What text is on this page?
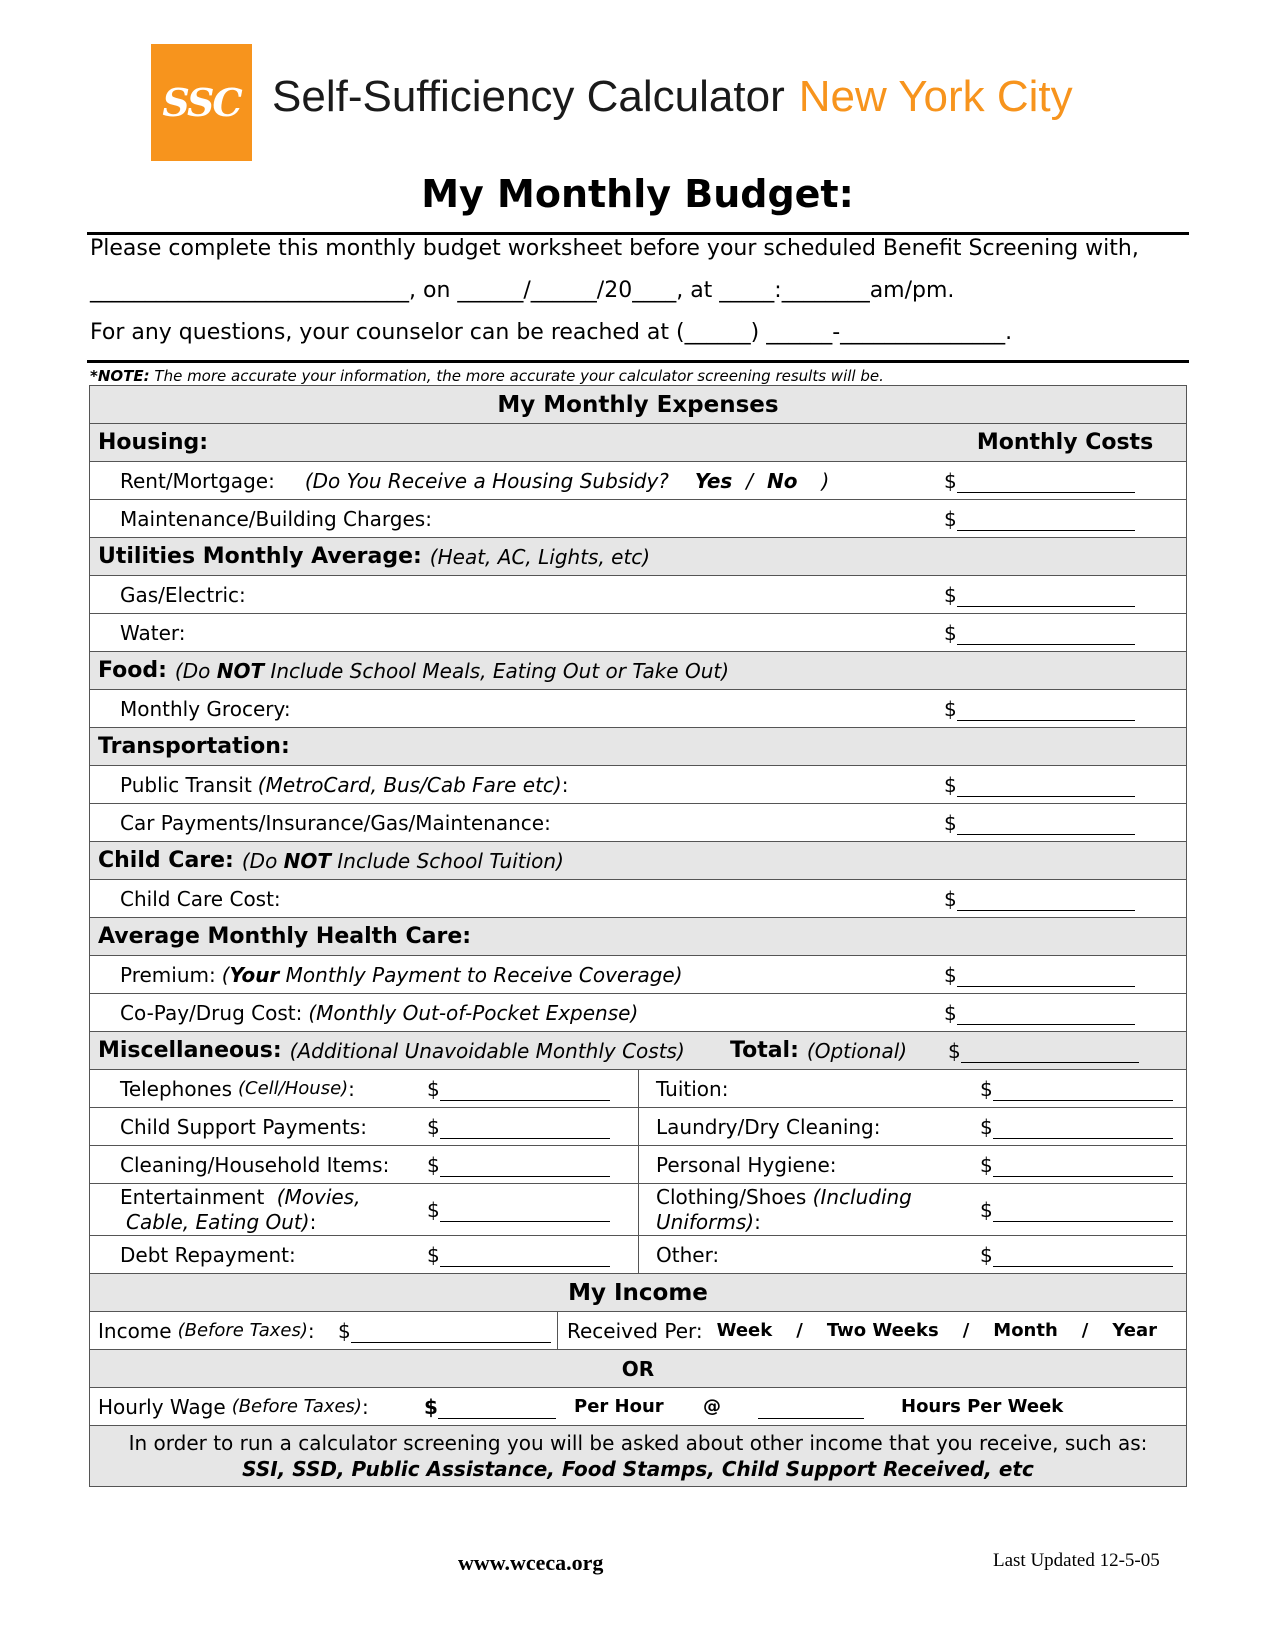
SSC Self-Sufficiency Calculator New York City
My Monthly Budget:
Please complete this monthly budget worksheet before your scheduled Benefit Screening with,
_____________________________, on ______/______/20____, at _____:________am/pm.
For any questions, your counselor can be reached at (______) ______-_______________.
*NOTE: The more accurate your information, the more accurate your calculator screening results will be.
My Monthly Expenses
Housing:	Monthly Costs
Rent/Mortgage: (Do You Receive a Housing Subsidy? Yes / No )	$
Maintenance/Building Charges:	$
Utilities Monthly Average: (Heat, AC, Lights, etc)
Gas/Electric:	$
Water:	$
Food: (Do NOT Include School Meals, Eating Out or Take Out)
Monthly Grocery:	$
Transportation:
Public Transit (MetroCard, Bus/Cab Fare etc) :	$
Car Payments/Insurance/Gas/Maintenance:	$
Child Care: (Do NOT Include School Tuition)
Child Care Cost:	$
Average Monthly Health Care:
Premium: (Your Monthly Payment to Receive Coverage)	$
Co-Pay/Drug Cost: (Monthly Out-of-Pocket Expense)	$
Miscellaneous: (Additional Unavoidable Monthly Costs) Total: (Optional) $
Telephones (Cell/House) :	$	Tuition:	$
Child Support Payments:	$	Laundry/Dry Cleaning:	$
Cleaning/Household Items: $	Personal Hygiene:	$
Entertainment (Movies,
Cable, Eating Out):	$
Clothing/Shoes (Including
Uniforms):	$
Debt Repayment:	$	Other:	$
My Income
Income (Before Taxes) : $	Received Per: Week / Two Weeks / Month / Year
OR
Hourly Wage (Before Taxes) :	$	Per Hour @	Hours Per Week
In order to run a calculator screening you will be asked about other income that you receive, such as:
SSI, SSD, Public Assistance, Food Stamps, Child Support Received, etc
www.wceca.org	Last Updated 12-5-05
